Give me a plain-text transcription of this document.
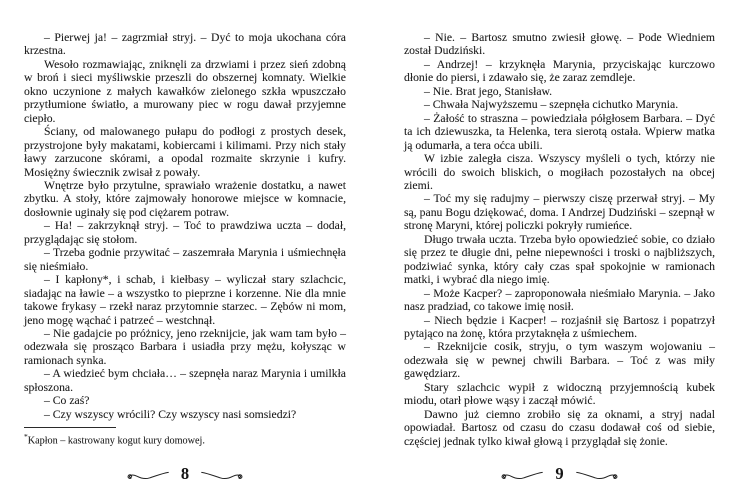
– Pierwej ja! – zagrzmiał stryj. – Dyć to moja ukochana córa krzestna.

Wesoło rozmawiając, zniknęli za drzwiami i przez sień zdobną w broń i sieci myśliwskie przeszli do obszernej komnaty. Wielkie okno uczynione z małych kawałków zielonego szkła wpuszczało przytłumione światło, a murowany piec w rogu dawał przyjemne ciepło.

Ściany, od malowanego pułapu do podłogi z prostych desek, przystrojone były makatami, kobiercami i kilimami. Przy nich stały ławy zarzucone skórami, a opodal rozmaite skrzynie i kufry. Mosiężny świecznik zwisał z powały.

Wnętrze było przytulne, sprawiało wrażenie dostatku, a nawet zbytku. A stoły, które zajmowały honorowe miejsce w komnacie, dosłownie uginały się pod ciężarem potraw.

– Ha! – zakrzyknął stryj. – Toć to prawdziwa uczta – dodał, przyglądając się stołom.

– Trzeba godnie przywitać – zaszemrała Marynia i uśmiechnęła się nieśmiało.

– I kapłony*, i schab, i kiełbasy – wyliczał stary szlachcic, siadając na ławie – a wszystko to pieprzne i korzenne. Nie dla mnie takowe frykasy – rzekł naraz przytomnie starzec. – Zębów ni mom, jeno mogę wąchać i patrzeć – westchnął.

– Nie gadajcie po próżnicy, jeno rzeknijcie, jak wam tam było – odezwała się prosząco Barbara i usiadła przy mężu, kołysząc w ramionach synka.

– A wiedzieć bym chciała… – szepnęła naraz Marynia i umilkła spłoszona.

– Co zaś?

– Czy wszyscy wrócili? Czy wszyscy nasi somsiedzi?

*Kapłon – kastrowany kogut kury domowej.

– Nie. – Bartosz smutno zwiesił głowę. – Pode Wiedniem został Dudziński.

– Andrzej! – krzyknęła Marynia, przyciskając kurczowo dłonie do piersi, i zdawało się, że zaraz zemdleje.

– Nie. Brat jego, Stanisław.

– Chwała Najwyższemu – szepnęła cichutko Marynia.

– Żałość to straszna – powiedziała półgłosem Barbara. – Dyć ta ich dziewuszka, ta Helenka, tera sierotą ostała. Wpierw matka ją odumarła, a tera oćca ubili.

W izbie zaległa cisza. Wszyscy myśleli o tych, którzy nie wrócili do swoich bliskich, o mogiłach pozostałych na obcej ziemi.

– Toć my się radujmy – pierwszy ciszę przerwał stryj. – My są, panu Bogu dziękować, doma. I Andrzej Dudziński – szepnął w stronę Maryni, której policzki pokryły rumieńce.

Długo trwała uczta. Trzeba było opowiedzieć sobie, co działo się przez te długie dni, pełne niepewności i troski o najbliższych, podziwiać synka, który cały czas spał spokojnie w ramionach matki, i wybrać dla niego imię.

– Może Kacper? – zaproponowała nieśmiało Marynia. – Jako nasz pradziad, co takowe imię nosił.

– Niech będzie i Kacper! – rozjaśnił się Bartosz i popatrzył pytająco na żonę, która przytaknęła z uśmiechem.

– Rzeknijcie cosik, stryju, o tym waszym wojowaniu – odezwała się w pewnej chwili Barbara. – Toć z was miły gawędziarz.

Stary szlachcic wypił z widoczną przyjemnością kubek miodu, otarł płowe wąsy i zaczął mówić.

Dawno już ciemno zrobiło się za oknami, a stryj nadal opowiadał. Bartosz od czasu do czasu dodawał coś od siebie, częściej jednak tylko kiwał głową i przyglądał się żonie.

8	9
